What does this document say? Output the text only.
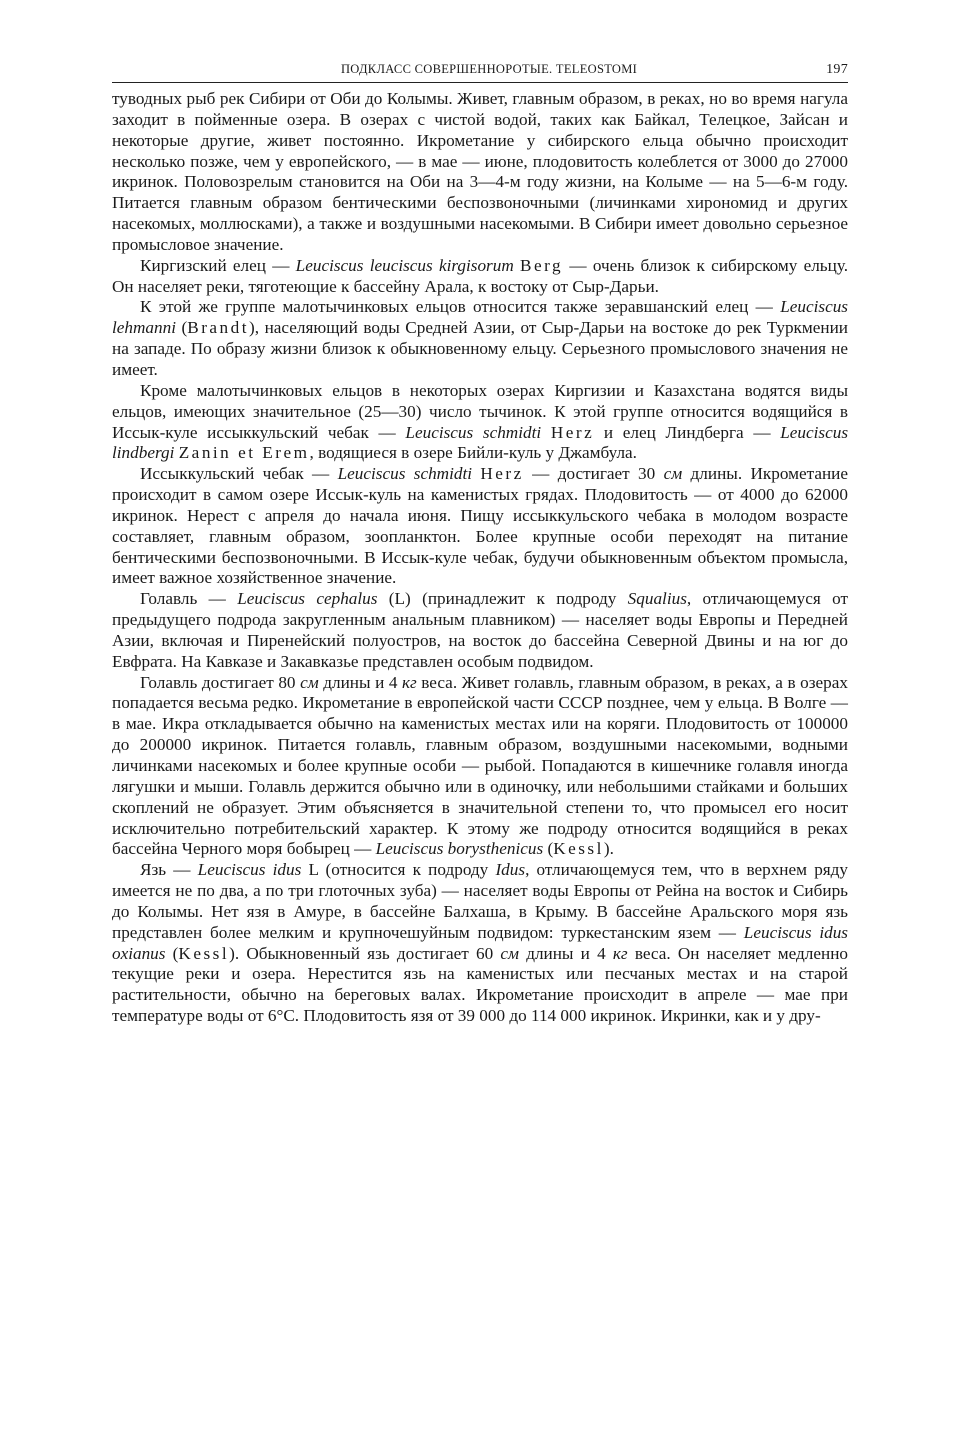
ПОДКЛАСС СОВЕРШЕННОРОТЫЕ. TELEOSTOMI	197

туводных рыб рек Сибири от Оби до Колымы. Живет, главным образом, в реках, но во время нагула заходит в пойменные озера. В озерах с чистой водой, таких как Байкал, Телецкое, Зайсан и некоторые другие, живет постоянно. Икрометание у сибирского ельца обычно происходит несколько позже, чем у европейского, — в мае — июне, плодовитость колеблется от 3000 до 27000 икринок. Половозрелым становится на Оби на 3—4-м году жизни, на Колыме — на 5—6-м году. Питается главным образом бентическими беспозвоночными (личинками хирономид и других насекомых, моллюсками), а также и воздушными насекомыми. В Сибири имеет довольно серьезное промысловое значение.

Киргизский елец — Leuciscus leuciscus kirgisorum Berg — очень близок к сибирскому ельцу. Он населяет реки, тяготеющие к бассейну Арала, к востоку от Сыр-Дарьи.

К этой же группе малотычинковых ельцов относится также зеравшанский елец — Leuciscus lehmanni (Brandt), населяющий воды Средней Азии, от Сыр-Дарьи на востоке до рек Туркмении на западе. По образу жизни близок к обыкновенному ельцу. Серьезного промыслового значения не имеет.

Кроме малотычинковых ельцов в некоторых озерах Киргизии и Казахстана водятся виды ельцов, имеющих значительное (25—30) число тычинок. К этой группе относится водящийся в Иссык-куле иссыккульский чебак — Leuciscus schmidti Herz и елец Линдберга — Leuciscus lindbergi Zanin et Erem, водящиеся в озере Бийли-куль у Джамбула.

Иссыккульский чебак — Leuciscus schmidti Herz — достигает 30 см длины. Икрометание происходит в самом озере Иссык-куль на каменистых грядах. Плодовитость — от 4000 до 62000 икринок. Нерест с апреля до начала июня. Пищу иссыккульского чебака в молодом возрасте составляет, главным образом, зоопланктон. Более крупные особи переходят на питание бентическими беспозвоночными. В Иссык-куле чебак, будучи обыкновенным объектом промысла, имеет важное хозяйственное значение.

Голавль — Leuciscus cephalus (L) (принадлежит к подроду Squalius, отличающемуся от предыдущего подрода закругленным анальным плавником) — населяет воды Европы и Передней Азии, включая и Пиренейский полуостров, на восток до бассейна Северной Двины и на юг до Евфрата. На Кавказе и Закавказье представлен особым подвидом.

Голавль достигает 80 см длины и 4 кг веса. Живет голавль, главным образом, в реках, а в озерах попадается весьма редко. Икрометание в европейской части СССР позднее, чем у ельца. В Волге — в мае. Икра откладывается обычно на каменистых местах или на коряги. Плодовитость от 100000 до 200000 икринок. Питается голавль, главным образом, воздушными насекомыми, водными личинками насекомых и более крупные особи — рыбой. Попадаются в кишечнике голавля иногда лягушки и мыши. Голавль держится обычно или в одиночку, или небольшими стайками и больших скоплений не образует. Этим объясняется в значительной степени то, что промысел его носит исключительно потребительский характер. К этому же подроду относится водящийся в реках бассейна Черного моря бобырец — Leuciscus borysthenicus (Kessl).

Язь — Leuciscus idus L (относится к подроду Idus, отличающемуся тем, что в верхнем ряду имеется не по два, а по три глоточных зуба) — населяет воды Европы от Рейна на восток и Сибирь до Колымы. Нет язя в Амуре, в бассейне Балхаша, в Крыму. В бассейне Аральского моря язь представлен более мелким и крупночешуйным подвидом: туркестанским язем — Leuciscus idus oxianus (Kessl). Обыкновенный язь достигает 60 см длины и 4 кг веса. Он населяет медленно текущие реки и озера. Нерестится язь на каменистых или песчаных местах и на старой растительности, обычно на береговых валах. Икрометание происходит в апреле — мае при температуре воды от 6°С. Плодовитость язя от 39 000 до 114 000 икринок. Икринки, как и у дру-
